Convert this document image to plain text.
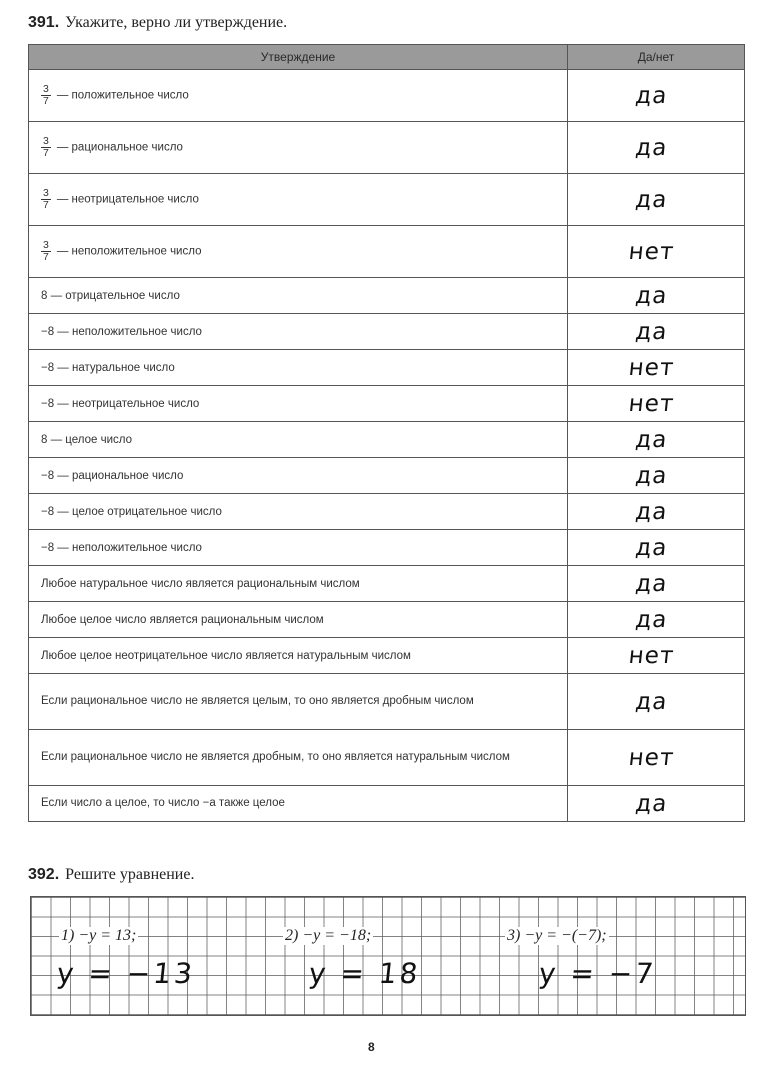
391. Укажите, верно ли утверждение.
Утверждение	Да/нет

$\frac{3}{7}$ — положительное число	да

$\frac{3}{7}$ — рациональное число	да

$\frac{3}{7}$ — неотрицательное число	да

$\frac{3}{7}$ — неположительное число	нет
8 — отрицательное число	да
−8 — неположительное число	да
−8 — натуральное число	нет
−8 — неотрицательное число	нет
8 — целое число	да
−8 — рациональное число	да
−8 — целое отрицательное число	да
−8 — неположительное число	да
Любое натуральное число является рациональным числом	да
Любое целое число является рациональным числом	да
Любое целое неотрицательное число является натуральным числом	нет

Если рациональное число не является целым, то оно является дробным числом	да

Если рациональное число не является дробным, то оно является натуральным числом	нет

Если число a целое, то число −a также целое	да
392. Решите уравнение.
1) −y = 13;	2) −y = −18;	3) −y = −(−7);
y = −13	y = 18	y = −7
8
